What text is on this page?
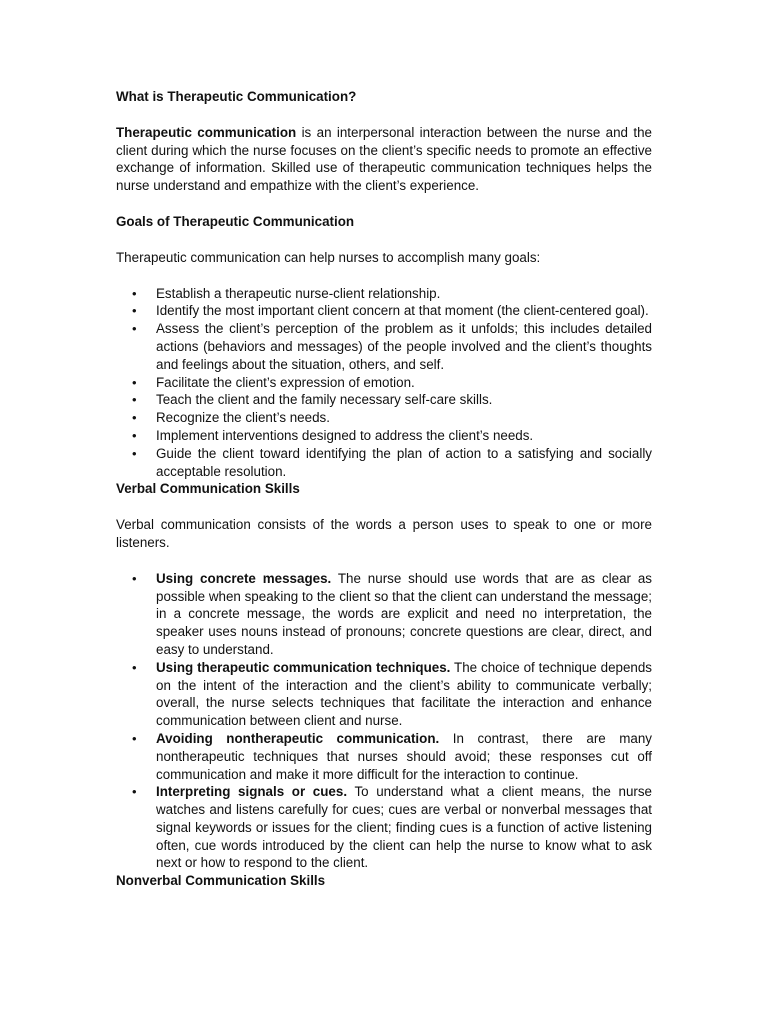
What is Therapeutic Communication?

Therapeutic communication is an interpersonal interaction between the nurse and the client during which the nurse focuses on the client’s specific needs to promote an effective exchange of information. Skilled use of therapeutic communication techniques helps the nurse understand and empathize with the client’s experience.

Goals of Therapeutic Communication

Therapeutic communication can help nurses to accomplish many goals:

• Establish a therapeutic nurse-client relationship.
• Identify the most important client concern at that moment (the client-centered goal).
• Assess the client’s perception of the problem as it unfolds; this includes detailed actions (behaviors and messages) of the people involved and the client’s thoughts and feelings about the situation, others, and self.
• Facilitate the client’s expression of emotion.
• Teach the client and the family necessary self-care skills.
• Recognize the client’s needs.
• Implement interventions designed to address the client’s needs.
• Guide the client toward identifying the plan of action to a satisfying and socially acceptable resolution.

Verbal Communication Skills

Verbal communication consists of the words a person uses to speak to one or more listeners.

• Using concrete messages. The nurse should use words that are as clear as possible when speaking to the client so that the client can understand the message; in a concrete message, the words are explicit and need no interpretation, the speaker uses nouns instead of pronouns; concrete questions are clear, direct, and easy to understand.
• Using therapeutic communication techniques. The choice of technique depends on the intent of the interaction and the client’s ability to communicate verbally; overall, the nurse selects techniques that facilitate the interaction and enhance communication between client and nurse.
• Avoiding nontherapeutic communication. In contrast, there are many nontherapeutic techniques that nurses should avoid; these responses cut off communication and make it more difficult for the interaction to continue.
• Interpreting signals or cues. To understand what a client means, the nurse watches and listens carefully for cues; cues are verbal or nonverbal messages that signal keywords or issues for the client; finding cues is a function of active listening often, cue words introduced by the client can help the nurse to know what to ask next or how to respond to the client.

Nonverbal Communication Skills
